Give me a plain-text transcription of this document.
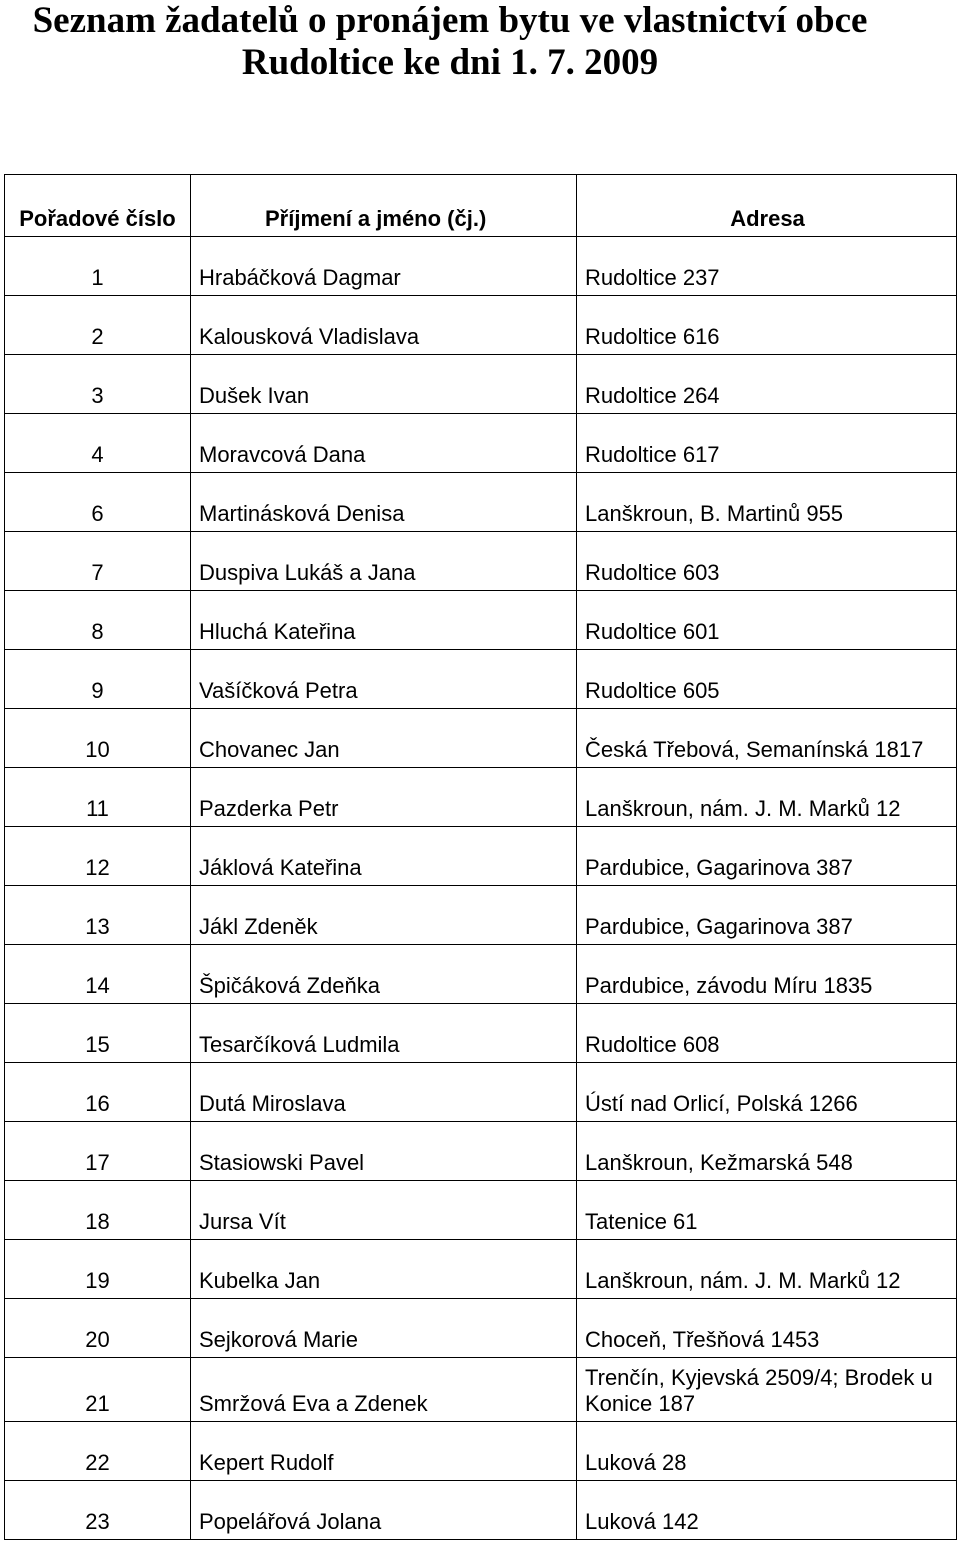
Seznam žadatelů o pronájem bytu ve vlastnictví obce
Rudoltice ke dni 1. 7. 2009
Pořadové číslo	Příjmení a jméno (čj.)	Adresa
1	Hrabáčková Dagmar	Rudoltice 237

2	Kalousková Vladislava	Rudoltice 616

3	Dušek Ivan	Rudoltice 264

4	Moravcová Dana	Rudoltice 617

6	Martinásková Denisa	Lanškroun, B. Martinů 955

7	Duspiva Lukáš a Jana	Rudoltice 603

8	Hluchá Kateřina	Rudoltice 601

9	Vašíčková Petra	Rudoltice 605

10	Chovanec Jan	Česká Třebová, Semanínská 1817

11	Pazderka Petr	Lanškroun, nám. J. M. Marků 12

12	Jáklová Kateřina	Pardubice, Gagarinova 387

13	Jákl Zdeněk	Pardubice, Gagarinova 387

14	Špičáková Zdeňka	Pardubice, závodu Míru 1835

15	Tesarčíková Ludmila	Rudoltice 608

16	Dutá Miroslava	Ústí nad Orlicí, Polská 1266

17	Stasiowski Pavel	Lanškroun, Kežmarská 548

18	Jursa Vít	Tatenice 61

19	Kubelka Jan	Lanškroun, nám. J. M. Marků 12

20	Sejkorová Marie	Choceň, Třešňová 1453

21	Smržová Eva a Zdenek	Trenčín, Kyjevská 2509/4; Brodek u Konice 187

22	Kepert Rudolf	Luková 28

23	Popelářová Jolana	Luková 142
